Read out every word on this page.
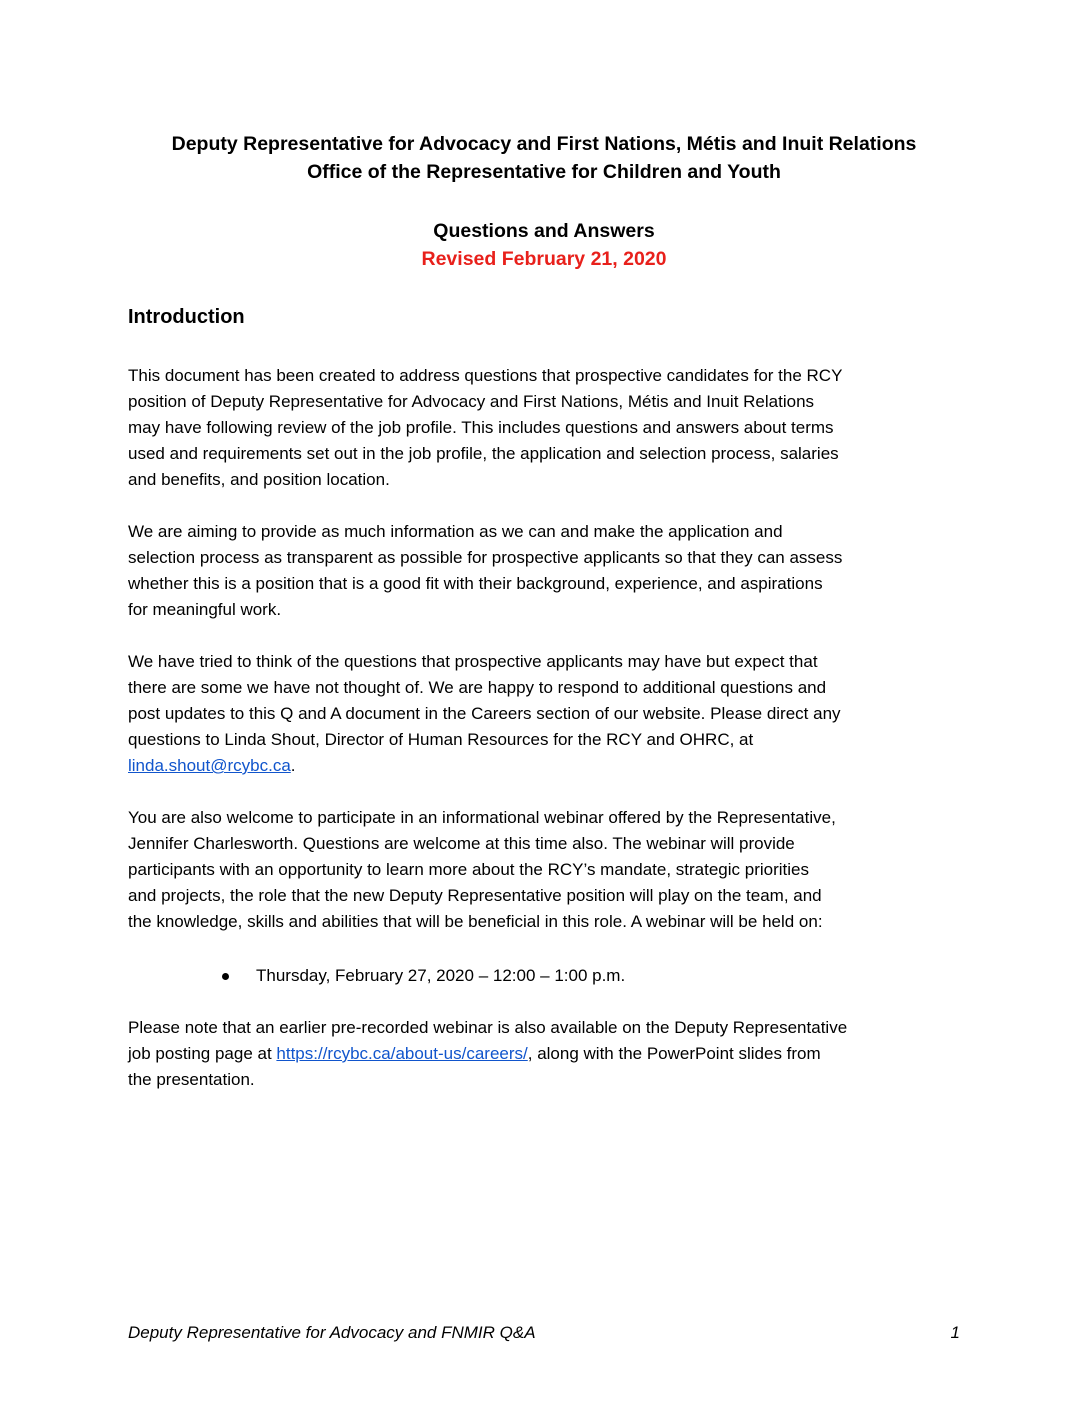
Deputy Representative for Advocacy and First Nations, Métis and Inuit Relations
Office of the Representative for Children and Youth
Questions and Answers
Revised February 21, 2020
Introduction
This document has been created to address questions that prospective candidates for the RCY
position of Deputy Representative for Advocacy and First Nations, Métis and Inuit Relations
may have following review of the job profile. This includes questions and answers about terms
used and requirements set out in the job profile, the application and selection process, salaries
and benefits, and position location.
We are aiming to provide as much information as we can and make the application and
selection process as transparent as possible for prospective applicants so that they can assess
whether this is a position that is a good fit with their background, experience, and aspirations
for meaningful work.
We have tried to think of the questions that prospective applicants may have but expect that
there are some we have not thought of. We are happy to respond to additional questions and
post updates to this Q and A document in the Careers section of our website. Please direct any
questions to Linda Shout, Director of Human Resources for the RCY and OHRC, at
linda.shout@rcybc.ca.
You are also welcome to participate in an informational webinar offered by the Representative,
Jennifer Charlesworth. Questions are welcome at this time also. The webinar will provide
participants with an opportunity to learn more about the RCY’s mandate, strategic priorities
and projects, the role that the new Deputy Representative position will play on the team, and
the knowledge, skills and abilities that will be beneficial in this role. A webinar will be held on:
Thursday, February 27, 2020 – 12:00 – 1:00 p.m.
Please note that an earlier pre-recorded webinar is also available on the Deputy Representative
job posting page at https://rcybc.ca/about-us/careers/, along with the PowerPoint slides from
the presentation.
Deputy Representative for Advocacy and FNMIR Q&A	1
